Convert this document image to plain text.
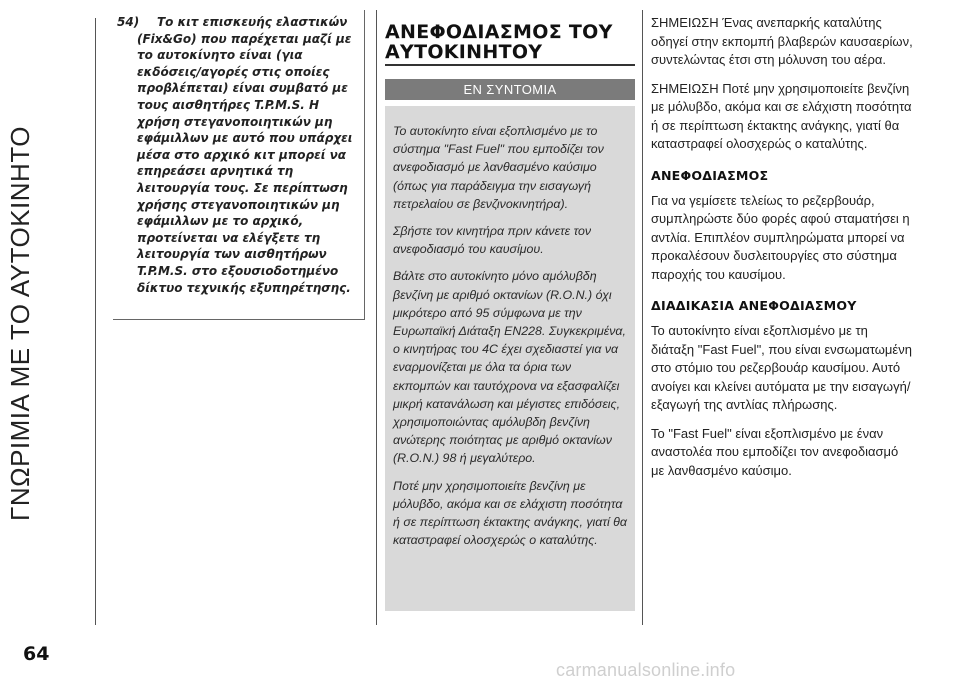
ΓΝΩΡΙΜΙΑ ΜΕ ΤΟ ΑΥΤΟΚΙΝΗΤΟ

54)	Το κιτ επισκευής ελαστικών (Fix&Go) που παρέχεται μαζί με το αυτοκίνητο είναι (για εκδόσεις/αγορές στις οποίες προβλέπεται) είναι συμβατό με τους αισθητήρες T.P.M.S. Η χρήση στεγανοποιητικών μη εφάμιλλων με αυτό που υπάρχει μέσα στο αρχικό κιτ μπορεί να επηρεάσει αρνητικά τη λειτουργία τους. Σε περίπτωση χρήσης στεγανοποιητικών μη εφάμιλλων με το αρχικό, προτείνεται να ελέγξετε τη λειτουργία των αισθητήρων T.P.M.S. στο εξουσιοδοτημένο δίκτυο τεχνικής εξυπηρέτησης.

ΑΝΕΦΟΔΙΑΣΜΟΣ ΤΟΥ ΑΥΤΟΚΙΝΗΤΟΥ
ΕΝ ΣΥΝΤΟΜΙΑ

Το αυτοκίνητο είναι εξοπλισμένο με το σύστημα "Fast Fuel" που εμποδίζει τον ανεφοδιασμό με λανθασμένο καύσιμο (όπως για παράδειγμα την εισαγωγή πετρελαίου σε βενζινοκινητήρα).

Σβήστε τον κινητήρα πριν κάνετε τον ανεφοδιασμό του καυσίμου.

Βάλτε στο αυτοκίνητο μόνο αμόλυβδη βενζίνη με αριθμό οκτανίων (R.O.N.) όχι μικρότερο από 95 σύμφωνα με την Ευρωπαϊκή Διάταξη EN228. Συγκεκριμένα, ο κινητήρας του 4C έχει σχεδιαστεί για να εναρμονίζεται με όλα τα όρια των εκπομπών και ταυτόχρονα να εξασφαλίζει μικρή κατανάλωση και μέγιστες επιδόσεις, χρησιμοποιώντας αμόλυβδη βενζίνη ανώτερης ποιότητας με αριθμό οκτανίων (R.O.N.) 98 ή μεγαλύτερο.

Ποτέ μην χρησιμοποιείτε βενζίνη με μόλυβδο, ακόμα και σε ελάχιστη ποσότητα ή σε περίπτωση έκτακτης ανάγκης, γιατί θα καταστραφεί ολοσχερώς ο καταλύτης.

ΣΗΜΕΙΩΣΗ Ένας ανεπαρκής καταλύτης οδηγεί στην εκπομπή βλαβερών καυσαερίων, συντελώντας έτσι στη μόλυνση του αέρα.

ΣΗΜΕΙΩΣΗ Ποτέ μην χρησιμοποιείτε βενζίνη με μόλυβδο, ακόμα και σε ελάχιστη ποσότητα ή σε περίπτωση έκτακτης ανάγκης, γιατί θα καταστραφεί ολοσχερώς ο καταλύτης.

ΑΝΕΦΟΔΙΑΣΜΟΣ

Για να γεμίσετε τελείως το ρεζερβουάρ, συμπληρώστε δύο φορές αφού σταματήσει η αντλία. Επιπλέον συμπληρώματα μπορεί να προκαλέσουν δυσλειτουργίες στο σύστημα παροχής του καυσίμου.

ΔΙΑΔΙΚΑΣΙΑ ΑΝΕΦΟΔΙΑΣΜΟΥ

Το αυτοκίνητο είναι εξοπλισμένο με τη διάταξη "Fast Fuel", που είναι ενσωματωμένη στο στόμιο του ρεζερβουάρ καυσίμου. Αυτό ανοίγει και κλείνει αυτόματα με την εισαγωγή/εξαγωγή της αντλίας πλήρωσης.

Το "Fast Fuel" είναι εξοπλισμένο με έναν αναστολέα που εμποδίζει τον ανεφοδιασμό με λανθασμένο καύσιμο.

64
carmanualsonline.info
